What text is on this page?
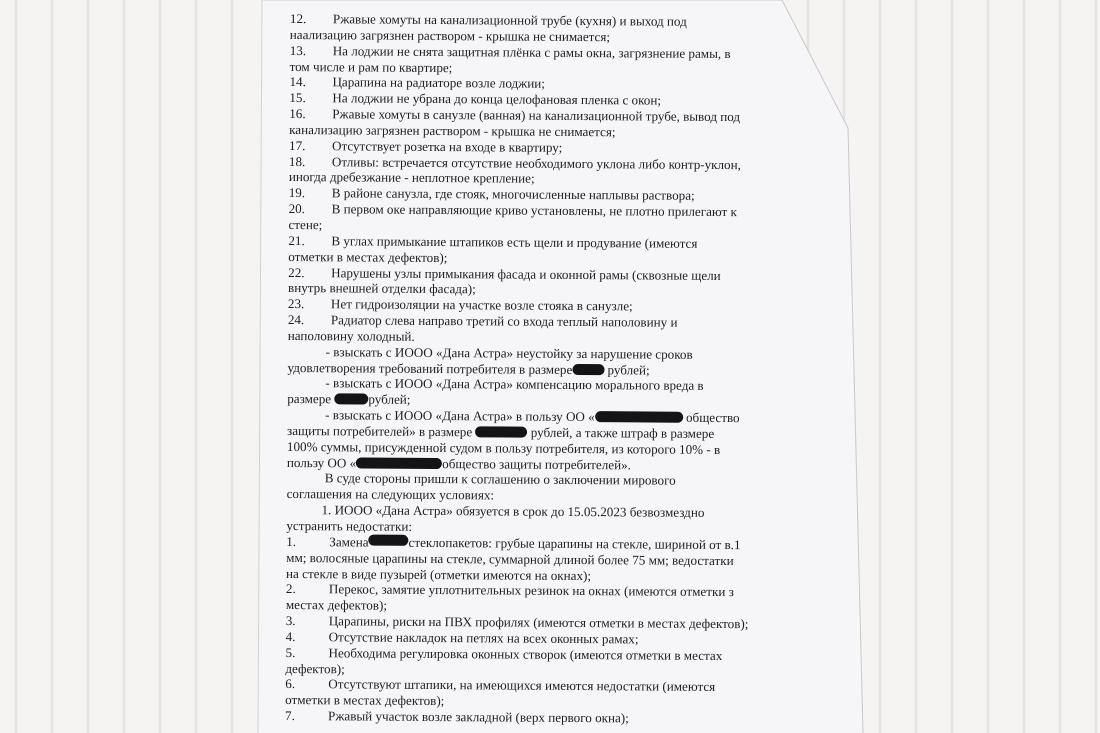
12.	Ржавые хомуты на канализационной трубе (кухня) и выход под
наализацию загрязнен раствором - крышка не снимается;
13.	На лоджии не снята защитная плёнка с рамы окна, загрязнение рамы, в
том числе и рам по квартире;
14.	Царапина на радиаторе возле лоджии;
15.	На лоджии не убрана до конца целофановая пленка с окон;
16.	Ржавые хомуты в санузле (ванная) на канализационной трубе, вывод под
канализацию загрязнен раствором - крышка не снимается;
17.	Отсутствует розетка на входе в квартиру;
18.	Отливы: встречается отсутствие необходимого уклона либо контр-уклон,
иногда дребезжание - неплотное крепление;
19.	В районе санузла, где стояк, многочисленные наплывы раствора;
20.	В первом оке направляющие криво установлены, не плотно прилегают к
стене;
21.	В углах примыкание штапиков есть щели и продувание (имеются
отметки в местах дефектов);
22.	Нарушены узлы примыкания фасада и оконной рамы (сквозные щели
внутрь внешней отделки фасада);
23.	Нет гидроизоляции на участке возле стояка в санузле;
24.	Радиатор слева направо третий со входа теплый наполовину и
наполовину холодный.
- взыскать с ИООО «Дана Астра» неустойку за нарушение сроков
удовлетворения требований потребителя в размере	рублей;
- взыскать с ИООО «Дана Астра» компенсацию морального вреда в
размере	рублей;
- взыскать с ИООО «Дана Астра» в пользу ОО «	общество
защиты потребителей» в размере	рублей, а также штраф в размере
100% суммы, присужденной судом в пользу потребителя, из которого 10% - в
пользу ОО «	общество защиты потребителей».
В суде стороны пришли к соглашению о заключении мирового
соглашения на следующих условиях:
1. ИООО «Дана Астра» обязуется в срок до 15.05.2023 безвозмездно
устранить недостатки:
1.	Замена	стеклопакетов: грубые царапины на стекле, шириной от в.1
мм; волосяные царапины на стекле, суммарной длиной более 75 мм; ведостатки
на стекле в виде пузырей (отметки имеются на окнах);
2.	Перекос, замятие уплотнительных резинок на окнах (имеются отметки з
местах дефектов);
3.	Царапины, риски на ПВХ профилях (имеются отметки в местах дефектов);
4.	Отсутствие накладок на петлях на всех оконных рамах;
5.	Необходима регулировка оконных створок (имеются отметки в местах
дефектов);
6.	Отсутствуют штапики, на имеющихся имеются недостатки (имеются
отметки в местах дефектов);
7.	Ржавый участок возле закладной (верх первого окна);
